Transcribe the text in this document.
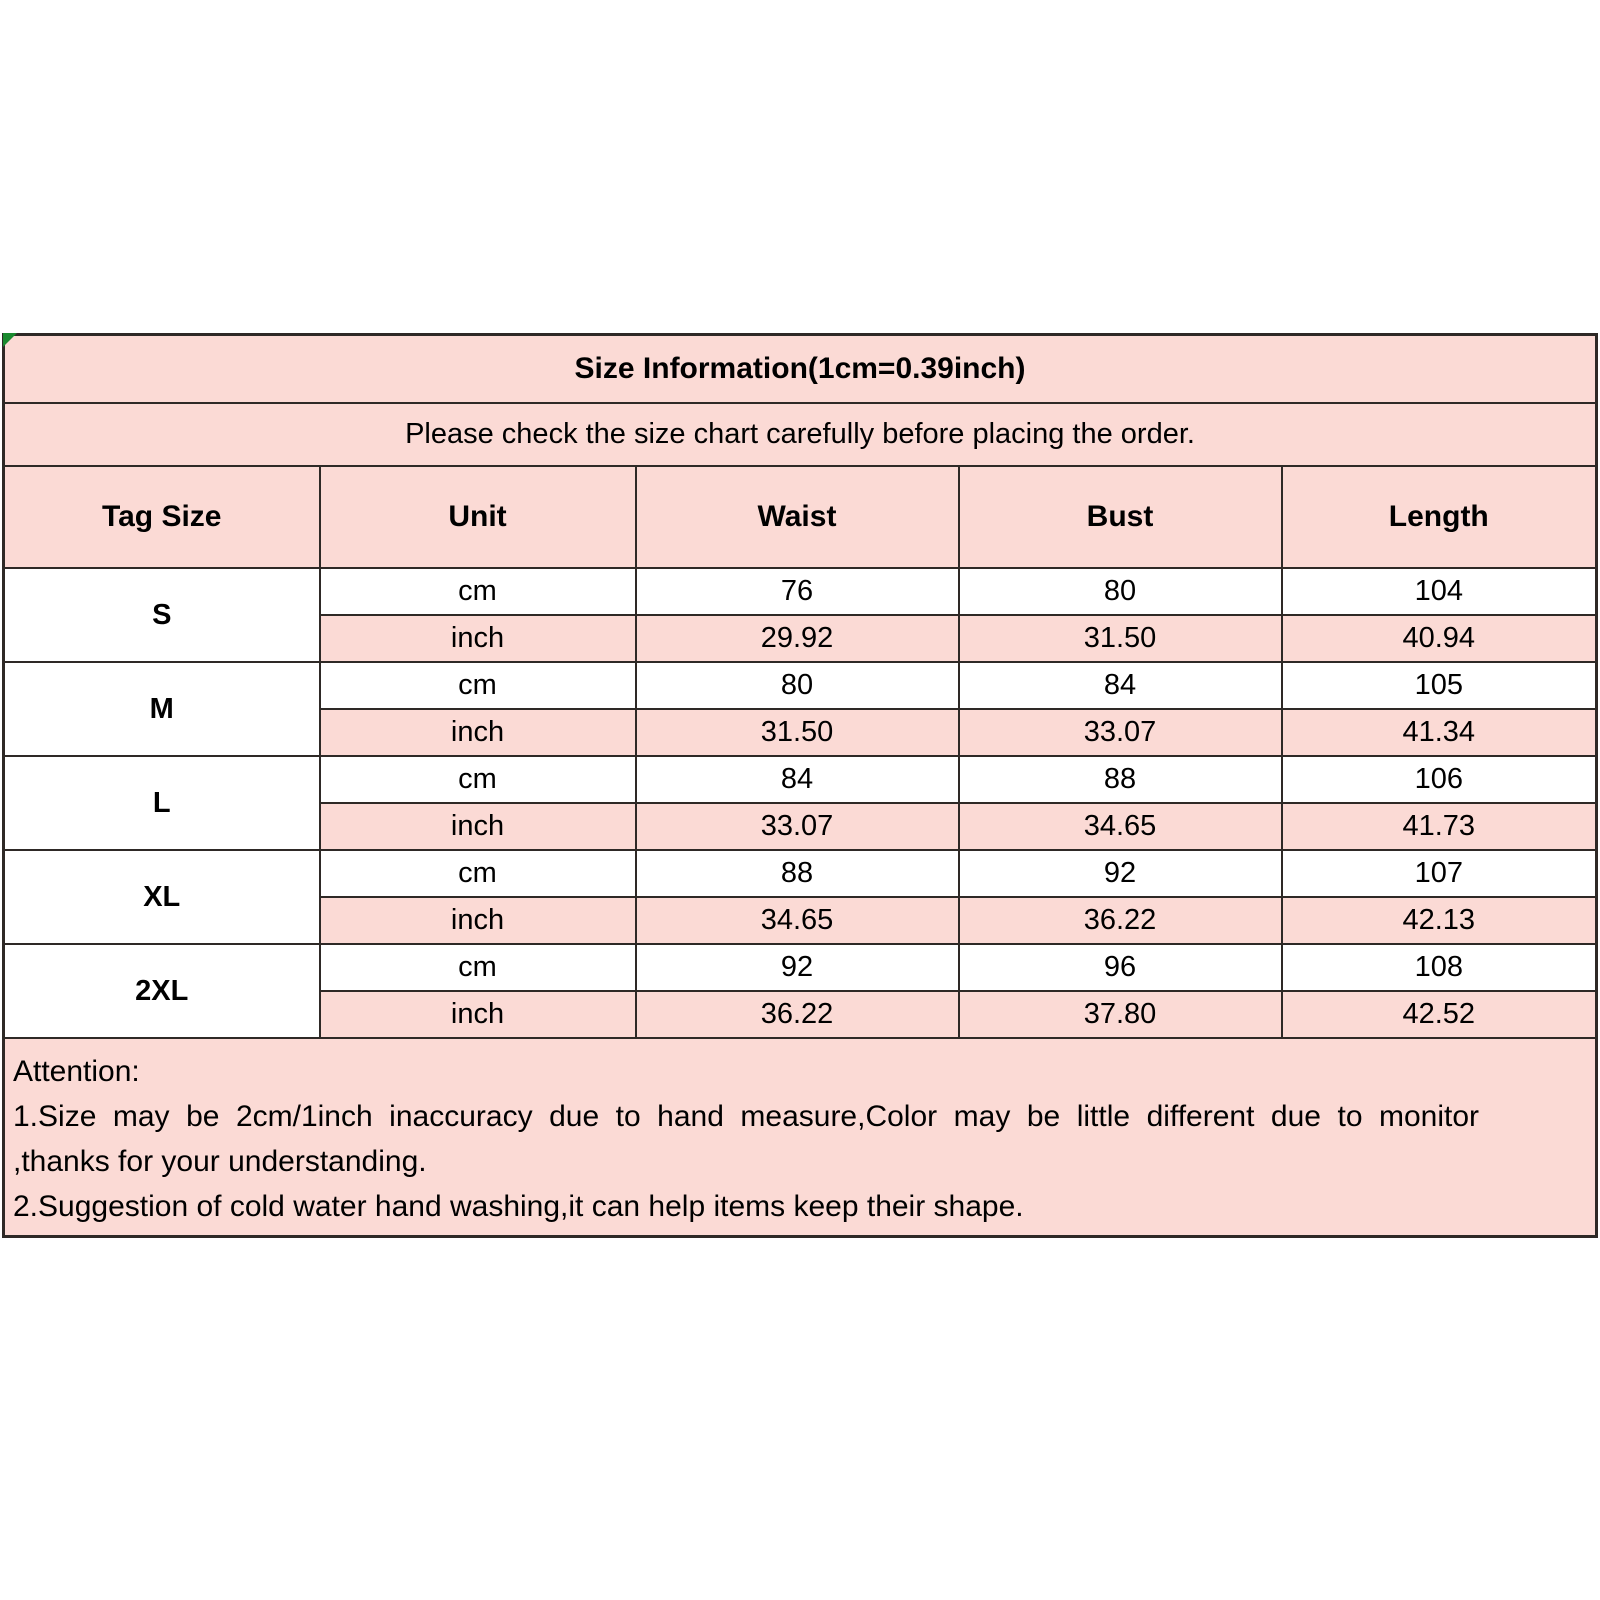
Size Information(1cm=0.39inch)				
Please check the size chart carefully before placing the order.				
Tag Size	Unit	Waist	Bust	Length
S	cm	76	80	104
	inch	29.92	31.50	40.94
M	cm	80	84	105
	inch	31.50	33.07	41.34
L	cm	84	88	106
	inch	33.07	34.65	41.73
XL	cm	88	92	107
	inch	34.65	36.22	42.13
2XL	cm	92	96	108
	inch	36.22	37.80	42.52

Attention:
1.Size may be 2cm/1inch inaccuracy due to hand measure,Color may be little different due to monitor
,thanks for your understanding.
2.Suggestion of cold water hand washing,it can help items keep their shape.				
